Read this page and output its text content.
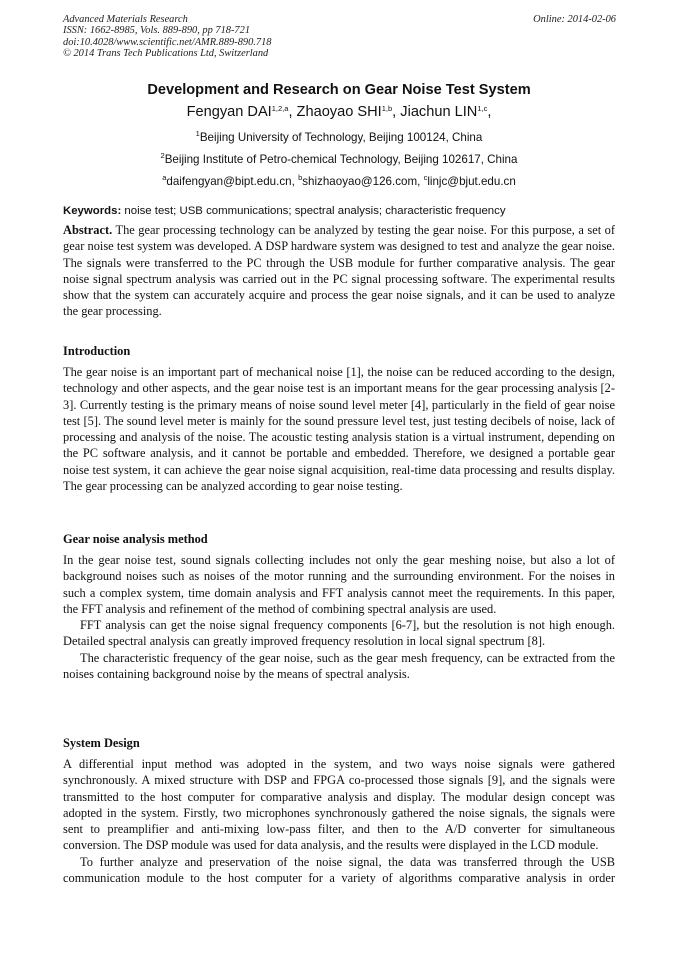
Advanced Materials Research
ISSN: 1662-8985, Vols. 889-890, pp 718-721
doi:10.4028/www.scientific.net/AMR.889-890.718
© 2014 Trans Tech Publications Ltd, Switzerland
Online: 2014-02-06
Development and Research on Gear Noise Test System
Fengyan DAI$^{1,2,a}$, Zhaoyao SHI$^{1,b}$, Jiachun LIN$^{1,c}$,
$^1$Beijing University of Technology, Beijing 100124, China
$^2$Beijing Institute of Petro-chemical Technology, Beijing 102617, China
$^a$daifengyan@bipt.edu.cn, $^b$shizhaoyao@126.com, $^c$linjc@bjut.edu.cn
Keywords: noise test; USB communications; spectral analysis; characteristic frequency

Abstract. The gear processing technology can be analyzed by testing the gear noise. For this purpose, a set of gear noise test system was developed. A DSP hardware system was designed to test and analyze the gear noise. The signals were transferred to the PC through the USB module for further comparative analysis. The gear noise signal spectrum analysis was carried out in the PC signal processing software. The experimental results show that the system can accurately acquire and process the gear noise signals, and it can be used to analyze the gear processing.

Introduction

The gear noise is an important part of mechanical noise [1], the noise can be reduced according to the design, technology and other aspects, and the gear noise test is an important means for the gear processing analysis [2-3]. Currently testing is the primary means of noise sound level meter [4], particularly in the field of gear noise test [5]. The sound level meter is mainly for the sound pressure level test, just testing decibels of noise, lack of processing and analysis of the noise. The acoustic testing analysis station is a virtual instrument, depending on the PC software analysis, and it cannot be portable and embedded. Therefore, we designed a portable gear noise test system, it can achieve the gear noise signal acquisition, real-time data processing and results display. The gear processing can be analyzed according to gear noise testing.

Gear noise analysis method

In the gear noise test, sound signals collecting includes not only the gear meshing noise, but also a lot of background noises such as noises of the motor running and the surrounding environment. For the noises in such a complex system, time domain analysis and FFT analysis cannot meet the requirements. In this paper, the FFT analysis and refinement of the method of combining spectral analysis are used.

FFT analysis can get the noise signal frequency components [6-7], but the resolution is not high enough. Detailed spectral analysis can greatly improved frequency resolution in local signal spectrum [8].

The characteristic frequency of the gear noise, such as the gear mesh frequency, can be extracted from the noises containing background noise by the means of spectral analysis.

System Design

A differential input method was adopted in the system, and two ways noise signals were gathered synchronously. A mixed structure with DSP and FPGA co-processed those signals [9], and the signals were transmitted to the host computer for comparative analysis and display. The modular design concept was adopted in the system. Firstly, two microphones synchronously gathered the noise signals, the signals were sent to preamplifier and anti-mixing low-pass filter, and then to the A/D converter for simultaneous conversion. The DSP module was used for data analysis, and the results were displayed in the LCD module.

To further analyze and preservation of the noise signal, the data was transferred through the USB communication module to the host computer for a variety of algorithms comparative analysis in order
